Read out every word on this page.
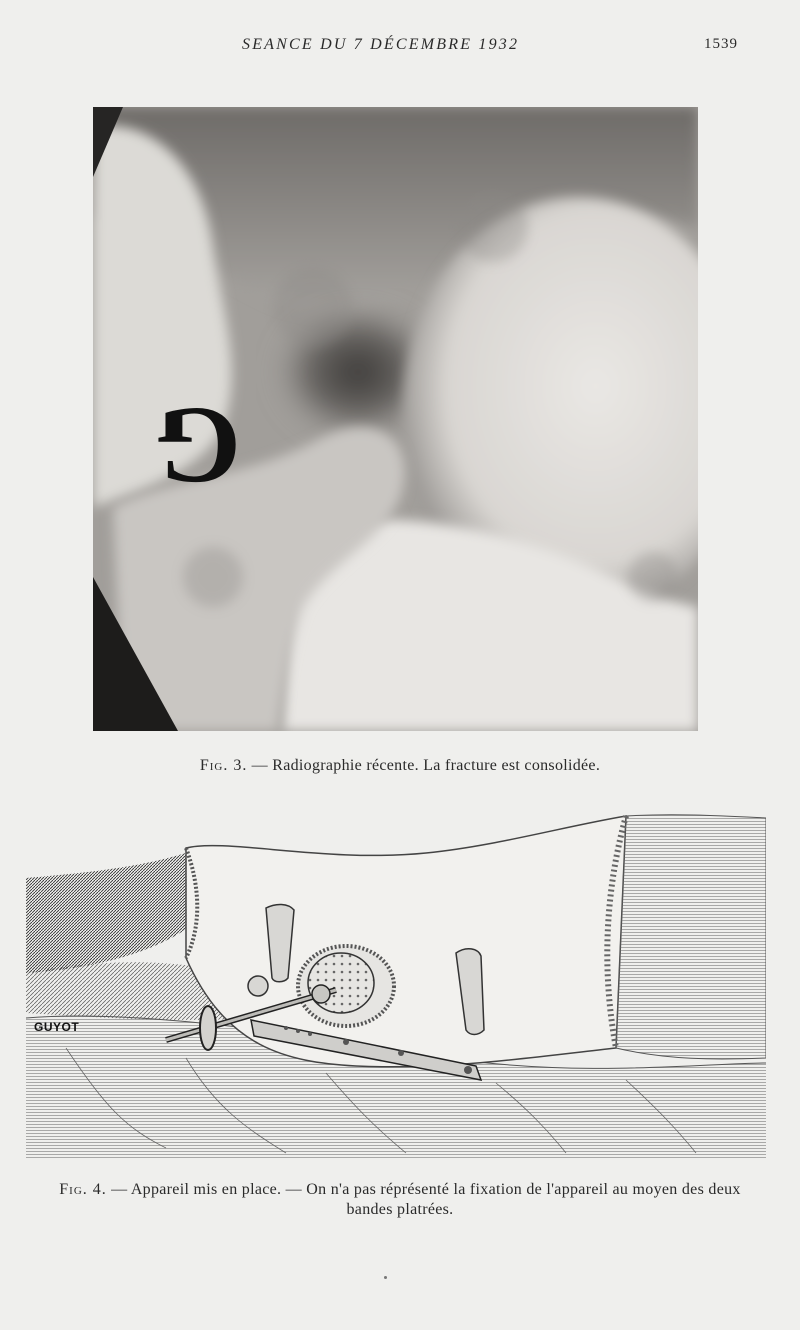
SEANCE DU 7 DÉCEMBRE 1932	1539
G
Fig. 3. — Radiographie récente. La fracture est consolidée.
GUYOT
Fig. 4. — Appareil mis en place. — On n'a pas réprésenté la fixation de l'appareil au moyen des deux bandes platrées.
